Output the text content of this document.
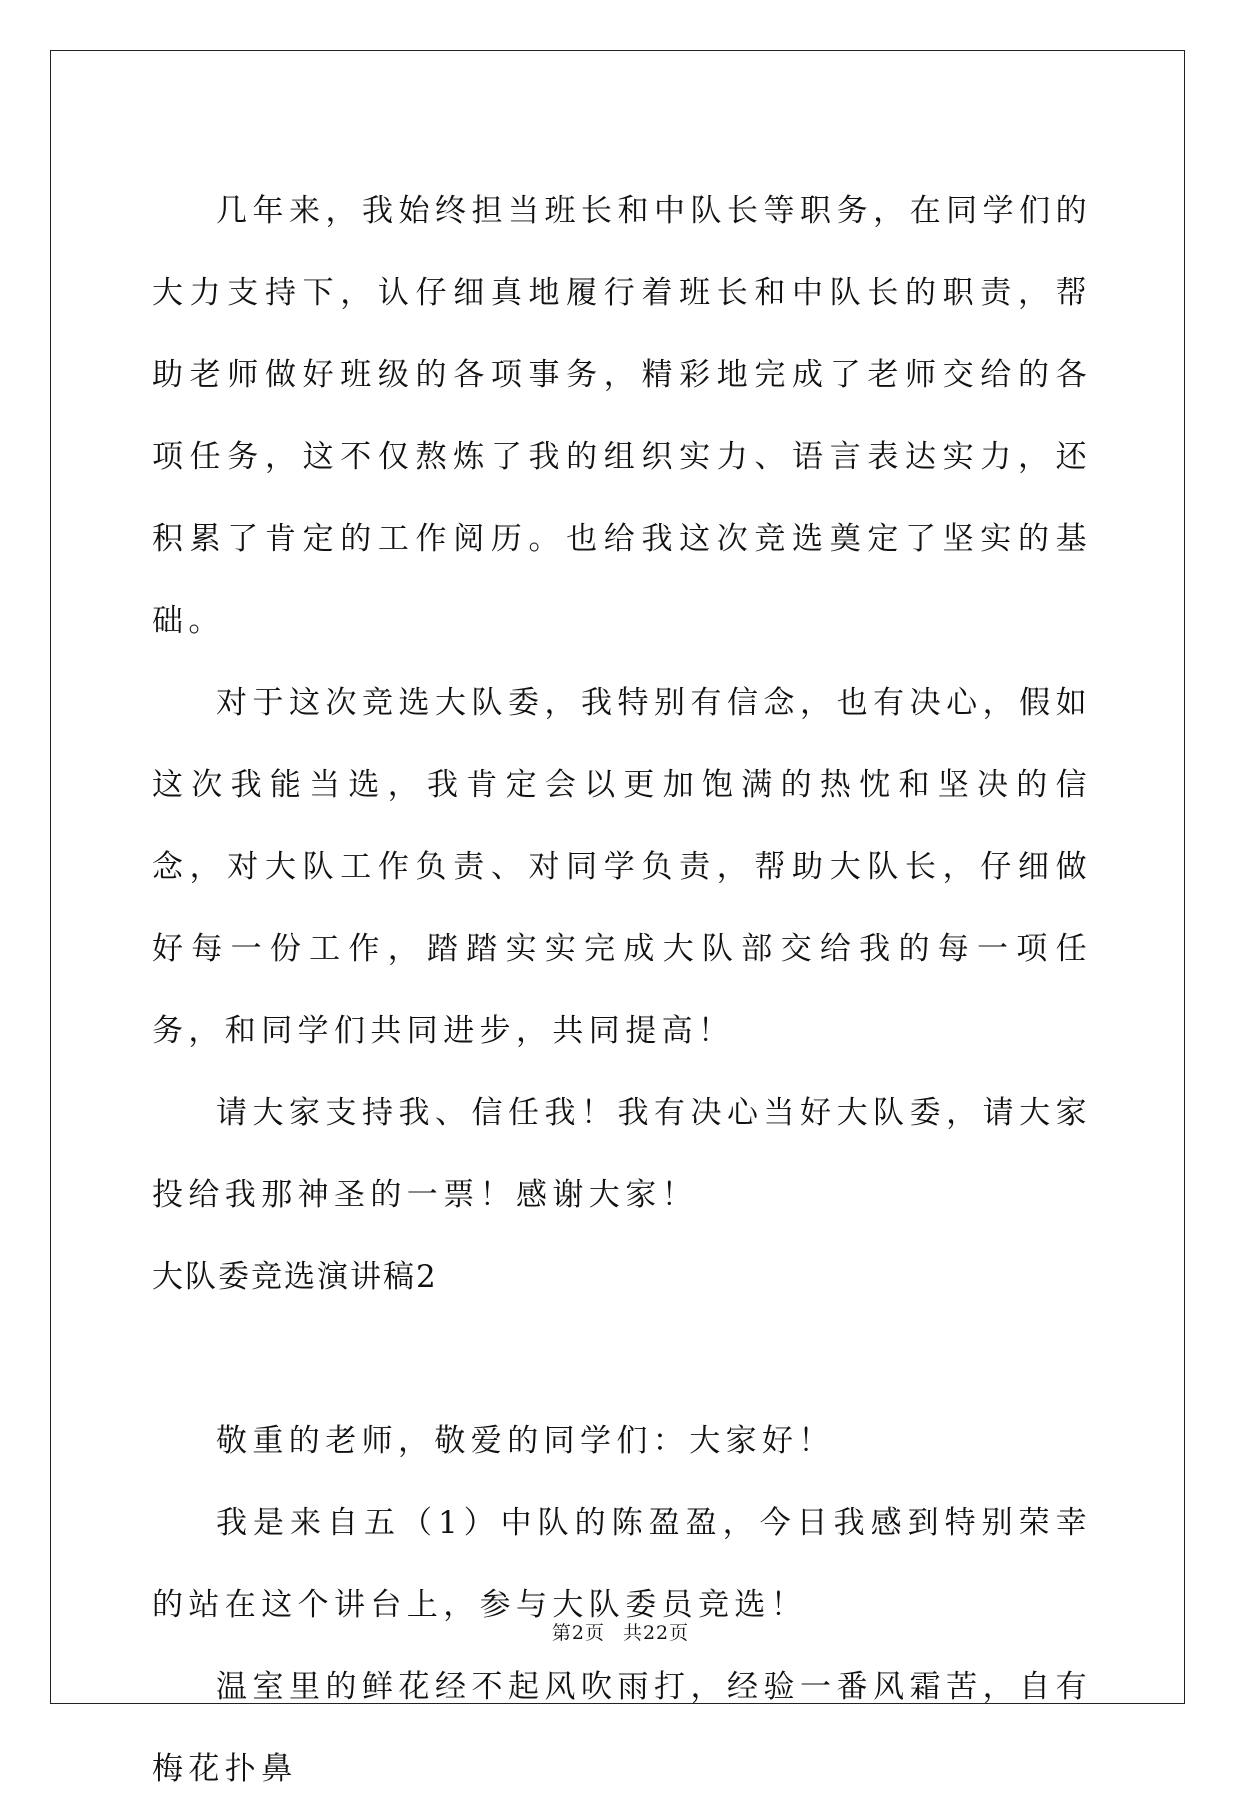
几年来，我始终担当班长和中队长等职务，在同学们的大力支持下，认仔细真地履行着班长和中队长的职责，帮助老师做好班级的各项事务，精彩地完成了老师交给的各项任务，这不仅熬炼了我的组织实力、语言表达实力，还积累了肯定的工作阅历。也给我这次竞选奠定了坚实的基础。

对于这次竞选大队委，我特别有信念，也有决心，假如这次我能当选，我肯定会以更加饱满的热忱和坚决的信念，对大队工作负责、对同学负责，帮助大队长，仔细做好每一份工作，踏踏实实完成大队部交给我的每一项任务，和同学们共同进步，共同提高！

请大家支持我、信任我！我有决心当好大队委，请大家投给我那神圣的一票！感谢大家！

大队委竞选演讲稿2

敬重的老师，敬爱的同学们：大家好！

我是来自五（1）中队的陈盈盈，今日我感到特别荣幸的站在这个讲台上，参与大队委员竞选！

温室里的鲜花经不起风吹雨打，经验一番风霜苦，自有梅花扑鼻

第2页 共22页
